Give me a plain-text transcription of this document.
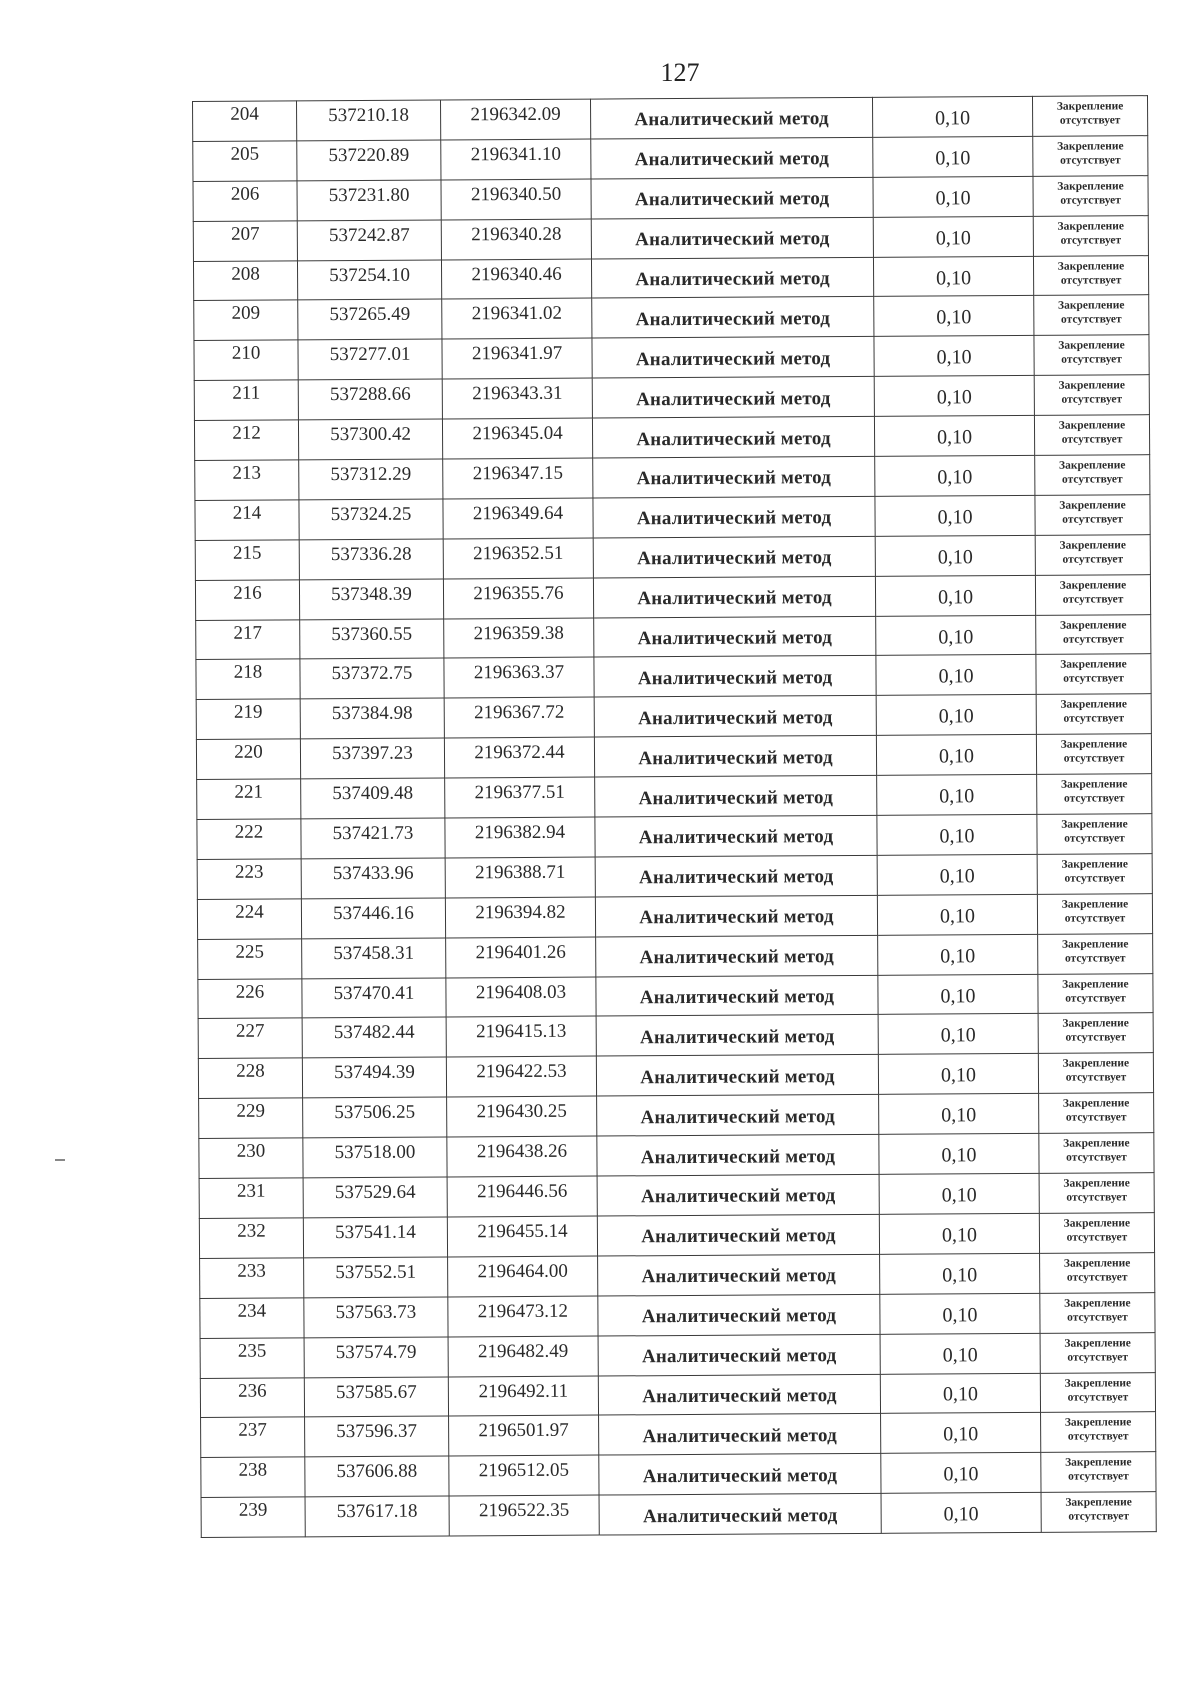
127
204	537210.18	2196342.09	Аналитический метод	0,10	Закрепление
отсутствует

205	537220.89	2196341.10	Аналитический метод	0,10	Закрепление
отсутствует

206	537231.80	2196340.50	Аналитический метод	0,10	Закрепление
отсутствует

207	537242.87	2196340.28	Аналитический метод	0,10	Закрепление
отсутствует

208	537254.10	2196340.46	Аналитический метод	0,10	Закрепление
отсутствует

209	537265.49	2196341.02	Аналитический метод	0,10	Закрепление
отсутствует

210	537277.01	2196341.97	Аналитический метод	0,10	Закрепление
отсутствует

211	537288.66	2196343.31	Аналитический метод	0,10	Закрепление
отсутствует

212	537300.42	2196345.04	Аналитический метод	0,10	Закрепление
отсутствует

213	537312.29	2196347.15	Аналитический метод	0,10	Закрепление
отсутствует

214	537324.25	2196349.64	Аналитический метод	0,10	Закрепление
отсутствует

215	537336.28	2196352.51	Аналитический метод	0,10	Закрепление
отсутствует

216	537348.39	2196355.76	Аналитический метод	0,10	Закрепление
отсутствует

217	537360.55	2196359.38	Аналитический метод	0,10	Закрепление
отсутствует

218	537372.75	2196363.37	Аналитический метод	0,10	Закрепление
отсутствует

219	537384.98	2196367.72	Аналитический метод	0,10	Закрепление
отсутствует

220	537397.23	2196372.44	Аналитический метод	0,10	Закрепление
отсутствует

221	537409.48	2196377.51	Аналитический метод	0,10	Закрепление
отсутствует

222	537421.73	2196382.94	Аналитический метод	0,10	Закрепление
отсутствует

223	537433.96	2196388.71	Аналитический метод	0,10	Закрепление
отсутствует

224	537446.16	2196394.82	Аналитический метод	0,10	Закрепление
отсутствует

225	537458.31	2196401.26	Аналитический метод	0,10	Закрепление
отсутствует

226	537470.41	2196408.03	Аналитический метод	0,10	Закрепление
отсутствует

227	537482.44	2196415.13	Аналитический метод	0,10	Закрепление
отсутствует

228	537494.39	2196422.53	Аналитический метод	0,10	Закрепление
отсутствует

229	537506.25	2196430.25	Аналитический метод	0,10	Закрепление
отсутствует

230	537518.00	2196438.26	Аналитический метод	0,10	Закрепление
отсутствует

231	537529.64	2196446.56	Аналитический метод	0,10	Закрепление
отсутствует

232	537541.14	2196455.14	Аналитический метод	0,10	Закрепление
отсутствует

233	537552.51	2196464.00	Аналитический метод	0,10	Закрепление
отсутствует

234	537563.73	2196473.12	Аналитический метод	0,10	Закрепление
отсутствует

235	537574.79	2196482.49	Аналитический метод	0,10	Закрепление
отсутствует

236	537585.67	2196492.11	Аналитический метод	0,10	Закрепление
отсутствует

237	537596.37	2196501.97	Аналитический метод	0,10	Закрепление
отсутствует

238	537606.88	2196512.05	Аналитический метод	0,10	Закрепление
отсутствует

239	537617.18	2196522.35	Аналитический метод	0,10	Закрепление
отсутствует
